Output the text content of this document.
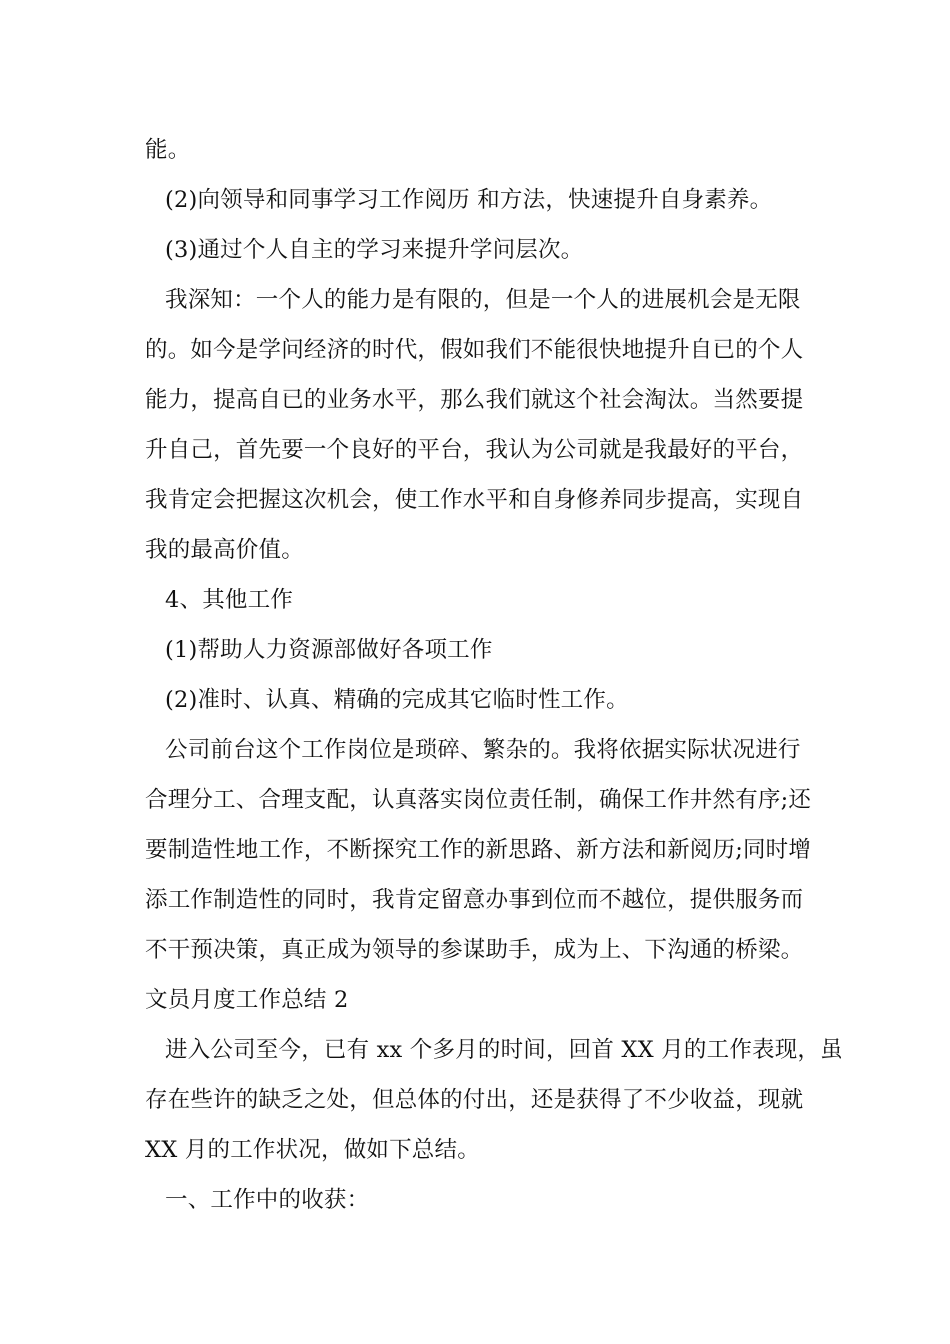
能。
(2)向领导和同事学习工作阅历 和方法，快速提升自身素养。
(3)通过个人自主的学习来提升学问层次。
我深知：一个人的能力是有限的，但是一个人的进展机会是无限
的。如今是学问经济的时代，假如我们不能很快地提升自已的个人
能力，提高自已的业务水平，那么我们就这个社会淘汰。当然要提
升自己，首先要一个良好的平台，我认为公司就是我最好的平台，
我肯定会把握这次机会，使工作水平和自身修养同步提高，实现自
我的最高价值。
4、其他工作
(1)帮助人力资源部做好各项工作
(2)准时、认真、精确的完成其它临时性工作。
公司前台这个工作岗位是琐碎、繁杂的。我将依据实际状况进行
合理分工、合理支配，认真落实岗位责任制，确保工作井然有序;还
要制造性地工作，不断探究工作的新思路、新方法和新阅历;同时增
添工作制造性的同时，我肯定留意办事到位而不越位，提供服务而
不干预决策，真正成为领导的参谋助手，成为上、下沟通的桥梁。
文员月度工作总结 2
进入公司至今，已有 xx 个多月的时间，回首 XX 月的工作表现，虽
存在些许的缺乏之处，但总体的付出，还是获得了不少收益，现就
XX 月的工作状况，做如下总结。
一、工作中的收获：
